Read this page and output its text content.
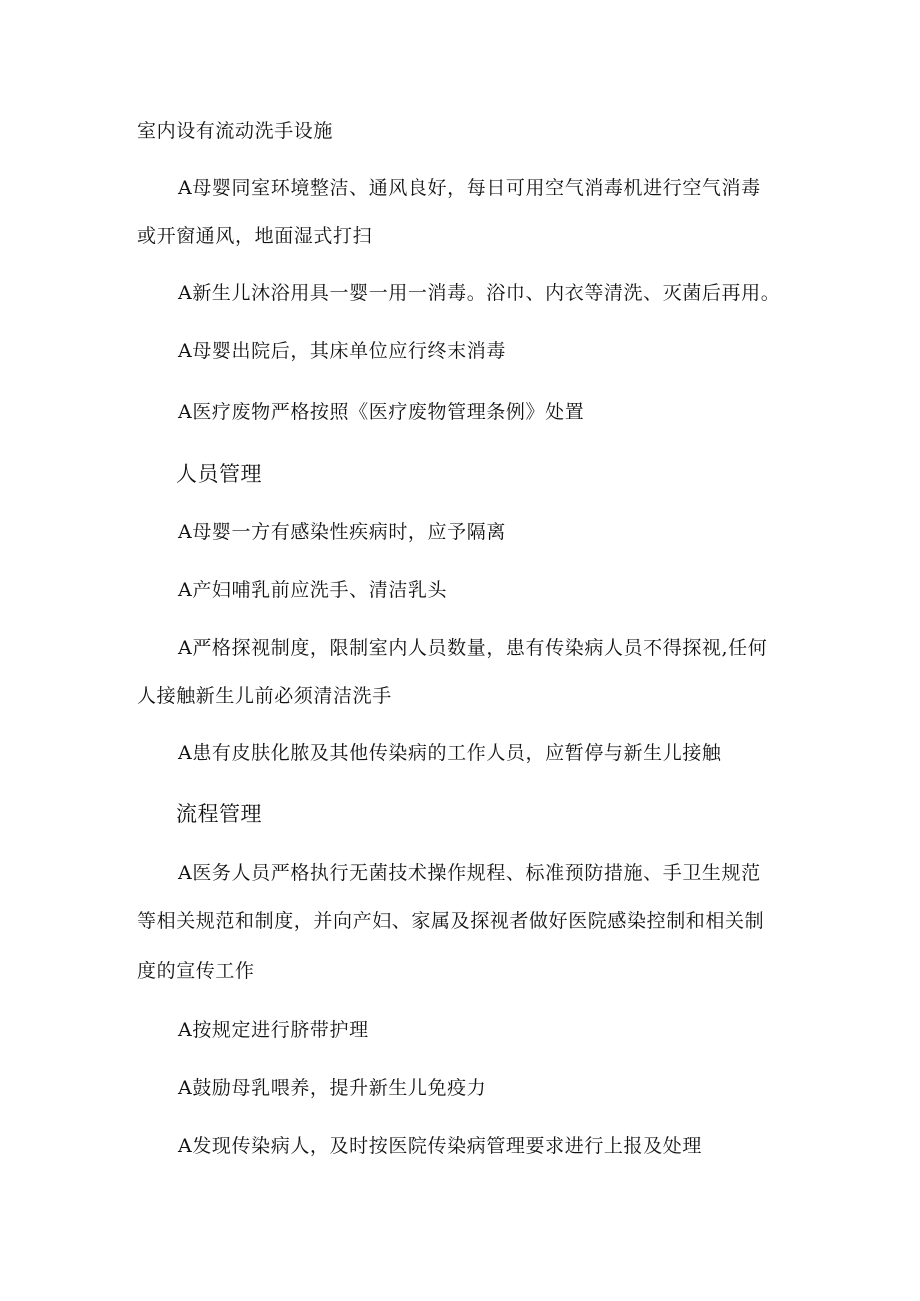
室内设有流动洗手设施
A母婴同室环境整洁、通风良好，每日可用空气消毒机进行空气消毒
或开窗通风，地面湿式打扫
A新生儿沐浴用具一婴一用一消毒。浴巾、内衣等清洗、灭菌后再用。
A母婴出院后，其床单位应行终末消毒
A医疗废物严格按照《医疗废物管理条例》处置
人员管理
A母婴一方有感染性疾病时，应予隔离
A产妇哺乳前应洗手、清洁乳头
A严格探视制度，限制室内人员数量，患有传染病人员不得探视,任何
人接触新生儿前必须清洁洗手
A患有皮肤化脓及其他传染病的工作人员，应暂停与新生儿接触
流程管理
A医务人员严格执行无菌技术操作规程、标准预防措施、手卫生规范
等相关规范和制度，并向产妇、家属及探视者做好医院感染控制和相关制
度的宣传工作
A按规定进行脐带护理
A鼓励母乳喂养，提升新生儿免疫力
A发现传染病人，及时按医院传染病管理要求进行上报及处理
